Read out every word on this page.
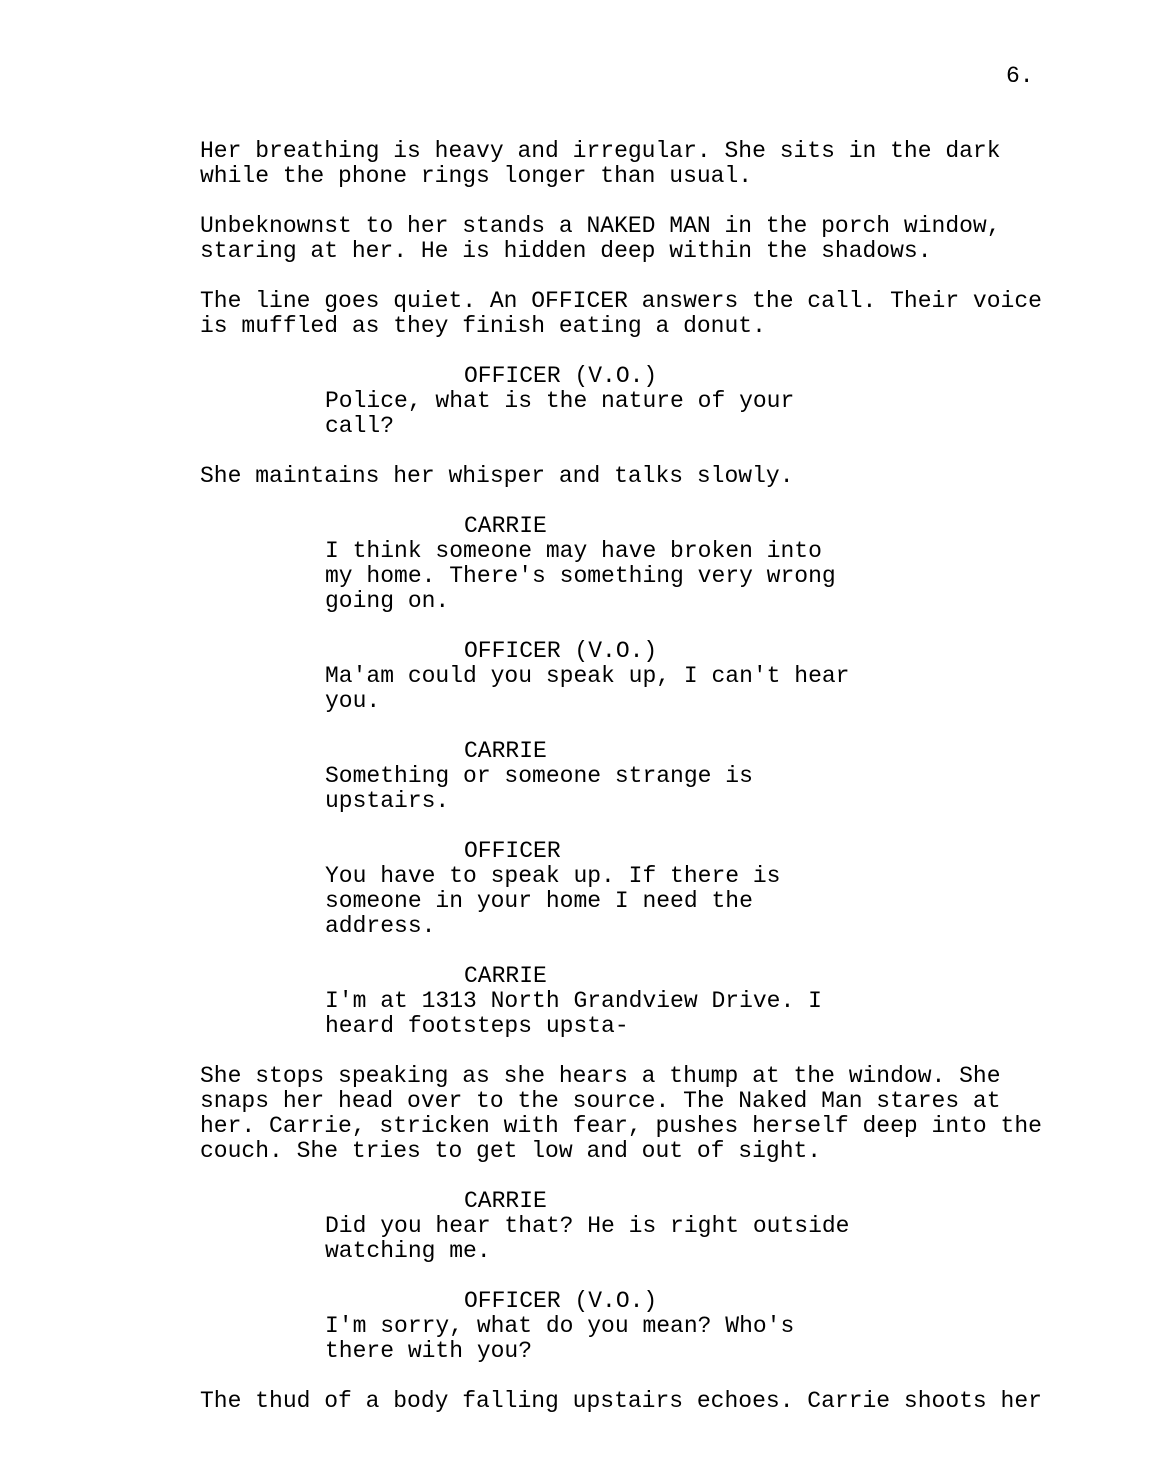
6.
Her breathing is heavy and irregular. She sits in the dark
while the phone rings longer than usual.
Unbeknownst to her stands a NAKED MAN in the porch window,
staring at her. He is hidden deep within the shadows.
The line goes quiet. An OFFICER answers the call. Their voice
is muffled as they finish eating a donut.
OFFICER (V.O.)
Police, what is the nature of your
call?
She maintains her whisper and talks slowly.
CARRIE
I think someone may have broken into
my home. There's something very wrong
going on.
OFFICER (V.O.)
Ma'am could you speak up, I can't hear
you.
CARRIE
Something or someone strange is
upstairs.
OFFICER
You have to speak up. If there is
someone in your home I need the
address.
CARRIE
I'm at 1313 North Grandview Drive. I
heard footsteps upsta-
She stops speaking as she hears a thump at the window. She
snaps her head over to the source. The Naked Man stares at
her. Carrie, stricken with fear, pushes herself deep into the
couch. She tries to get low and out of sight.
CARRIE
Did you hear that? He is right outside
watching me.
OFFICER (V.O.)
I'm sorry, what do you mean? Who's
there with you?
The thud of a body falling upstairs echoes. Carrie shoots her
